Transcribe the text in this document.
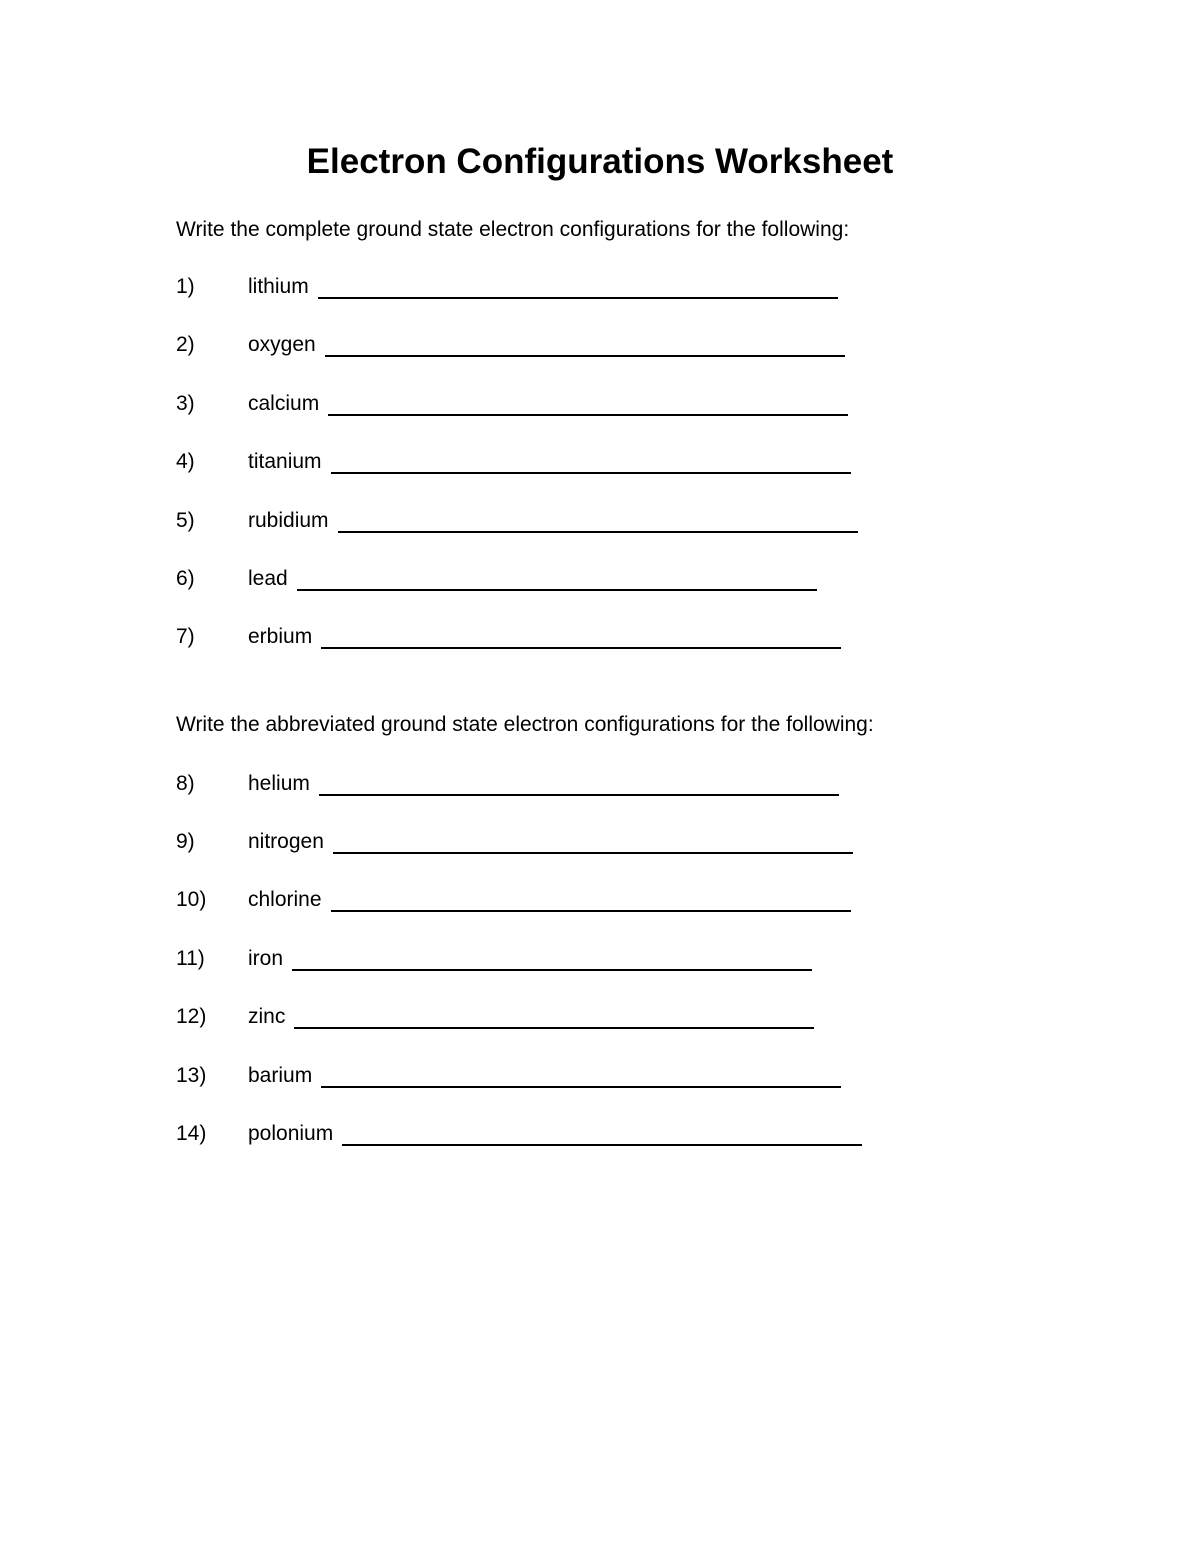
Electron Configurations Worksheet

Write the complete ground state electron configurations for the following:

1)	lithium
2)	oxygen
3)	calcium
4)	titanium
5)	rubidium
6)	lead
7)	erbium

Write the abbreviated ground state electron configurations for the following:

8)	helium
9)	nitrogen
10) chlorine
11) iron
12) zinc
13) barium
14) polonium
